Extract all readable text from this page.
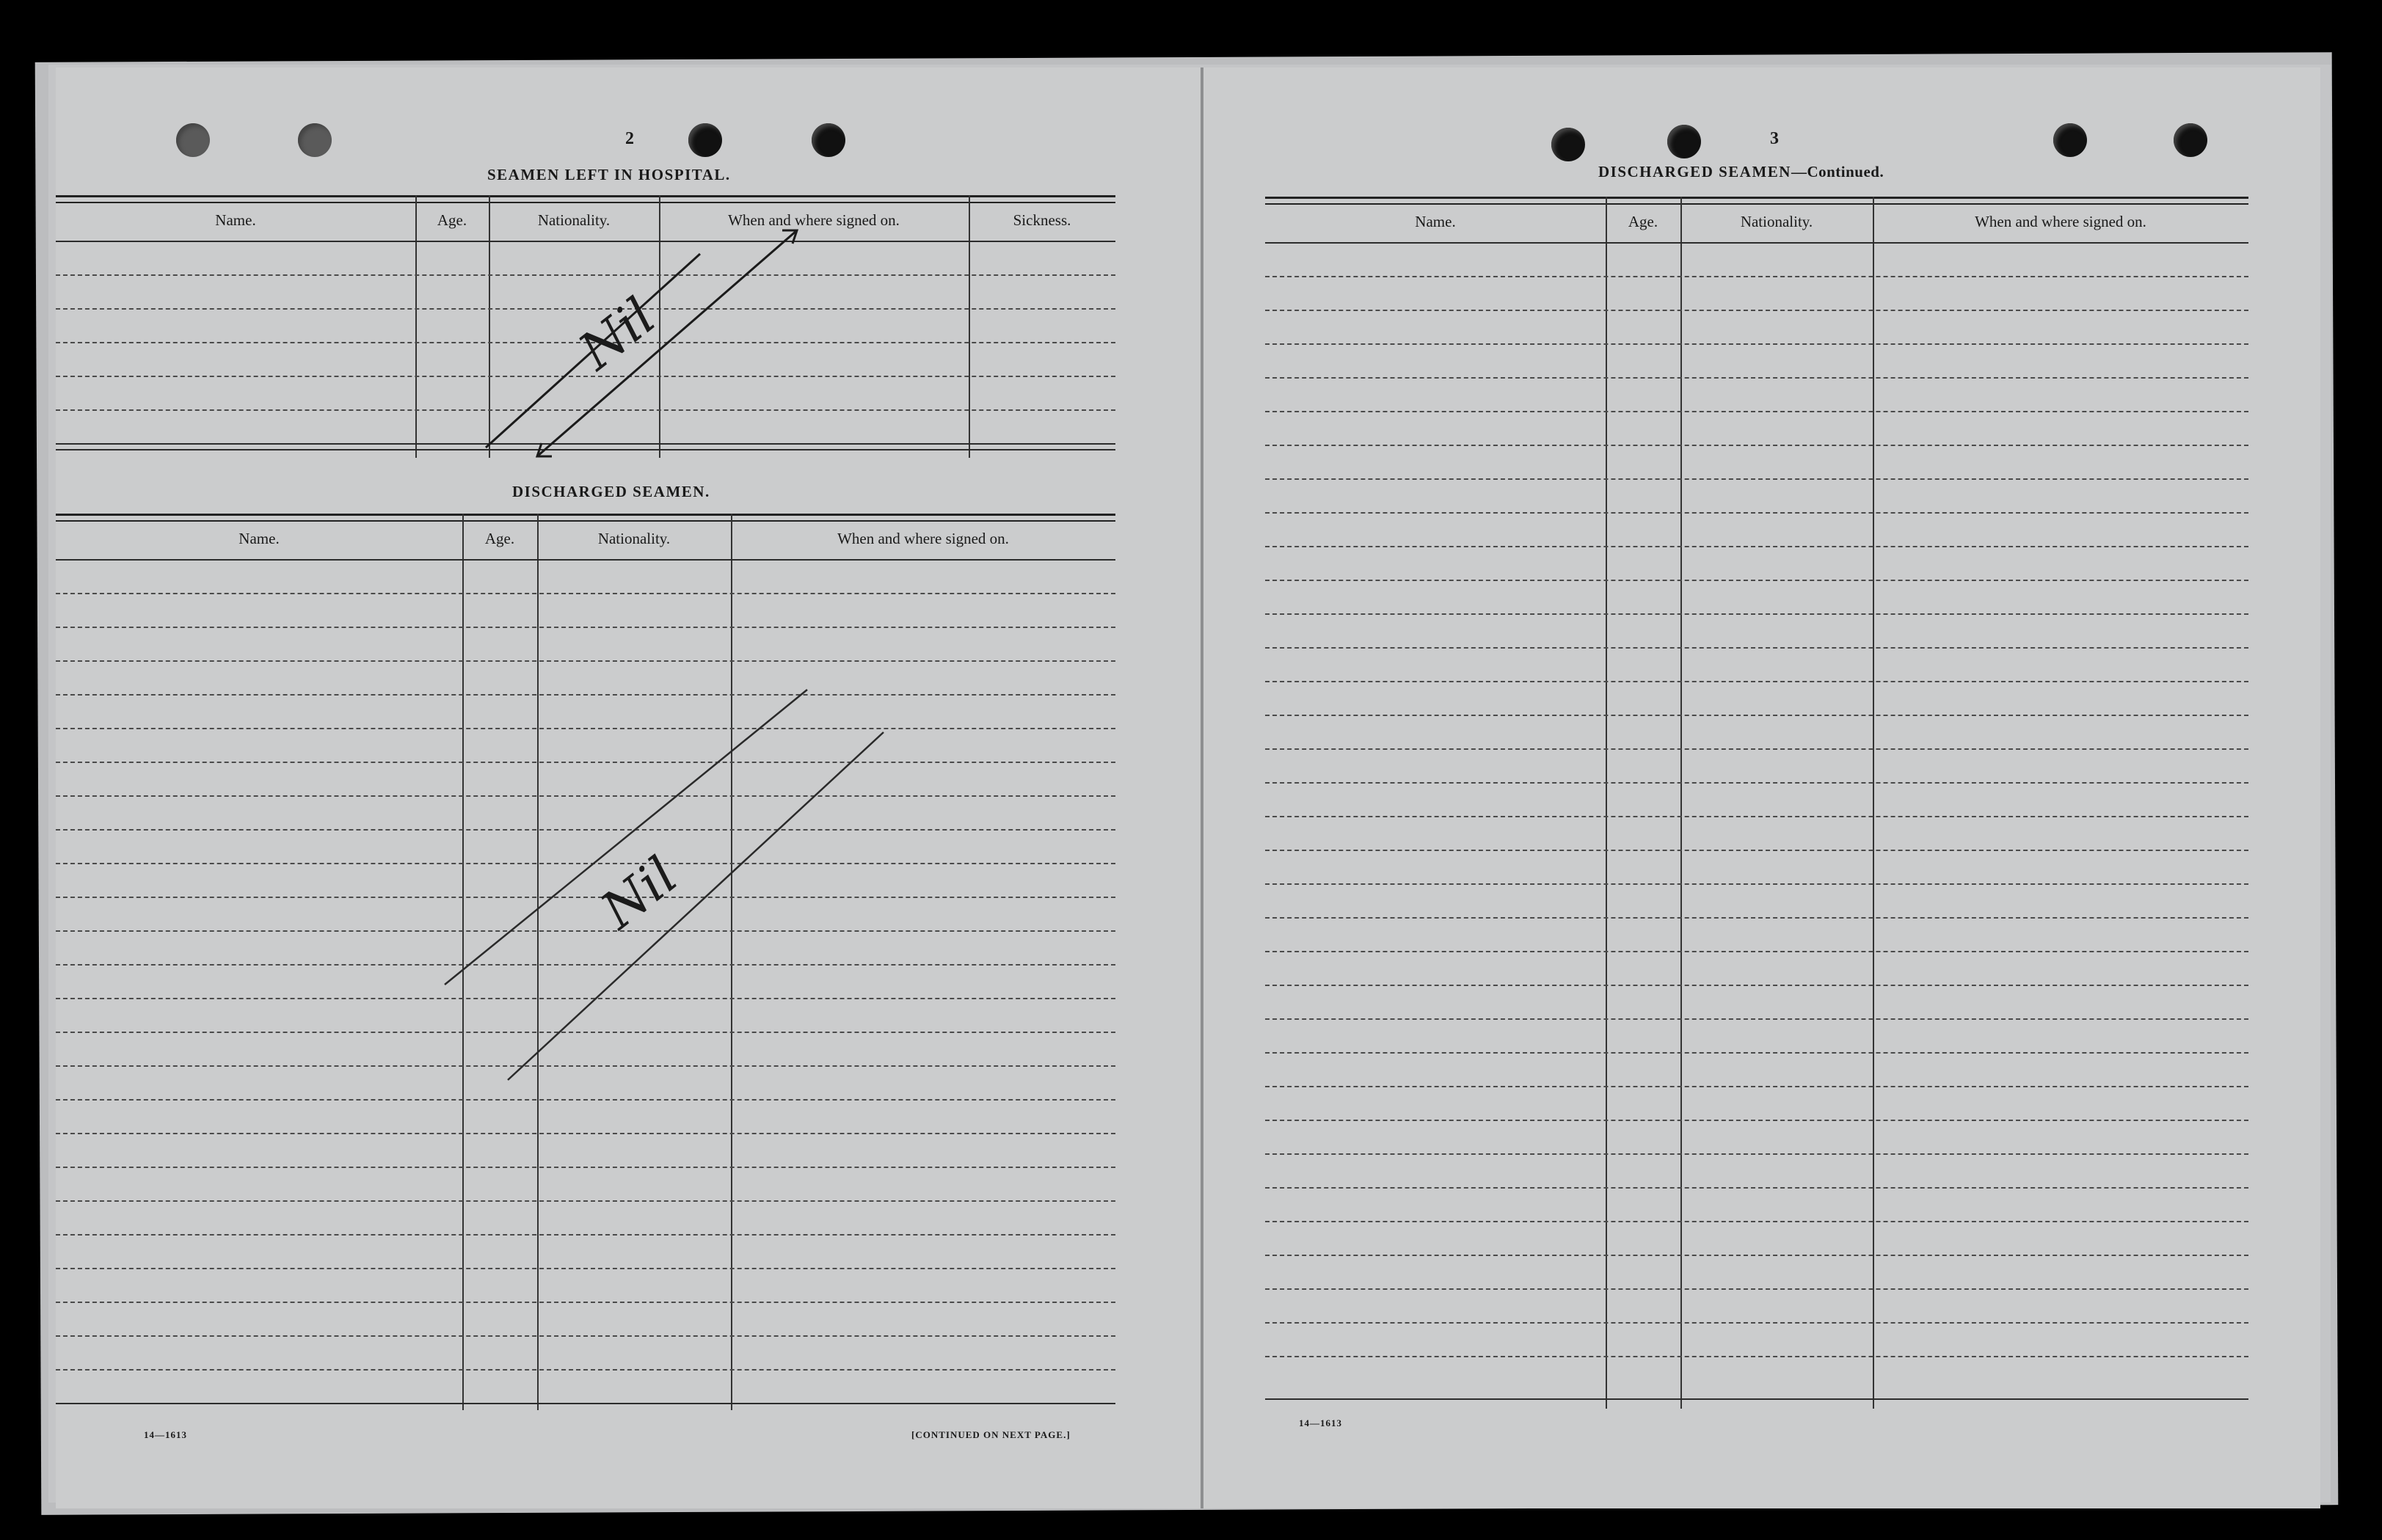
2
SEAMEN LEFT IN HOSPITAL.
Name.	Age.	Nationality.	When and where signed on.	Sickness.
DISCHARGED SEAMEN.
Name.	Age.	Nationality.	When and where signed on.
Nil
Nil
14—1613	[CONTINUED ON NEXT PAGE.]
3
DISCHARGED SEAMEN—Continued.
Name.	Age.	Nationality.	When and where signed on.
14—1613
